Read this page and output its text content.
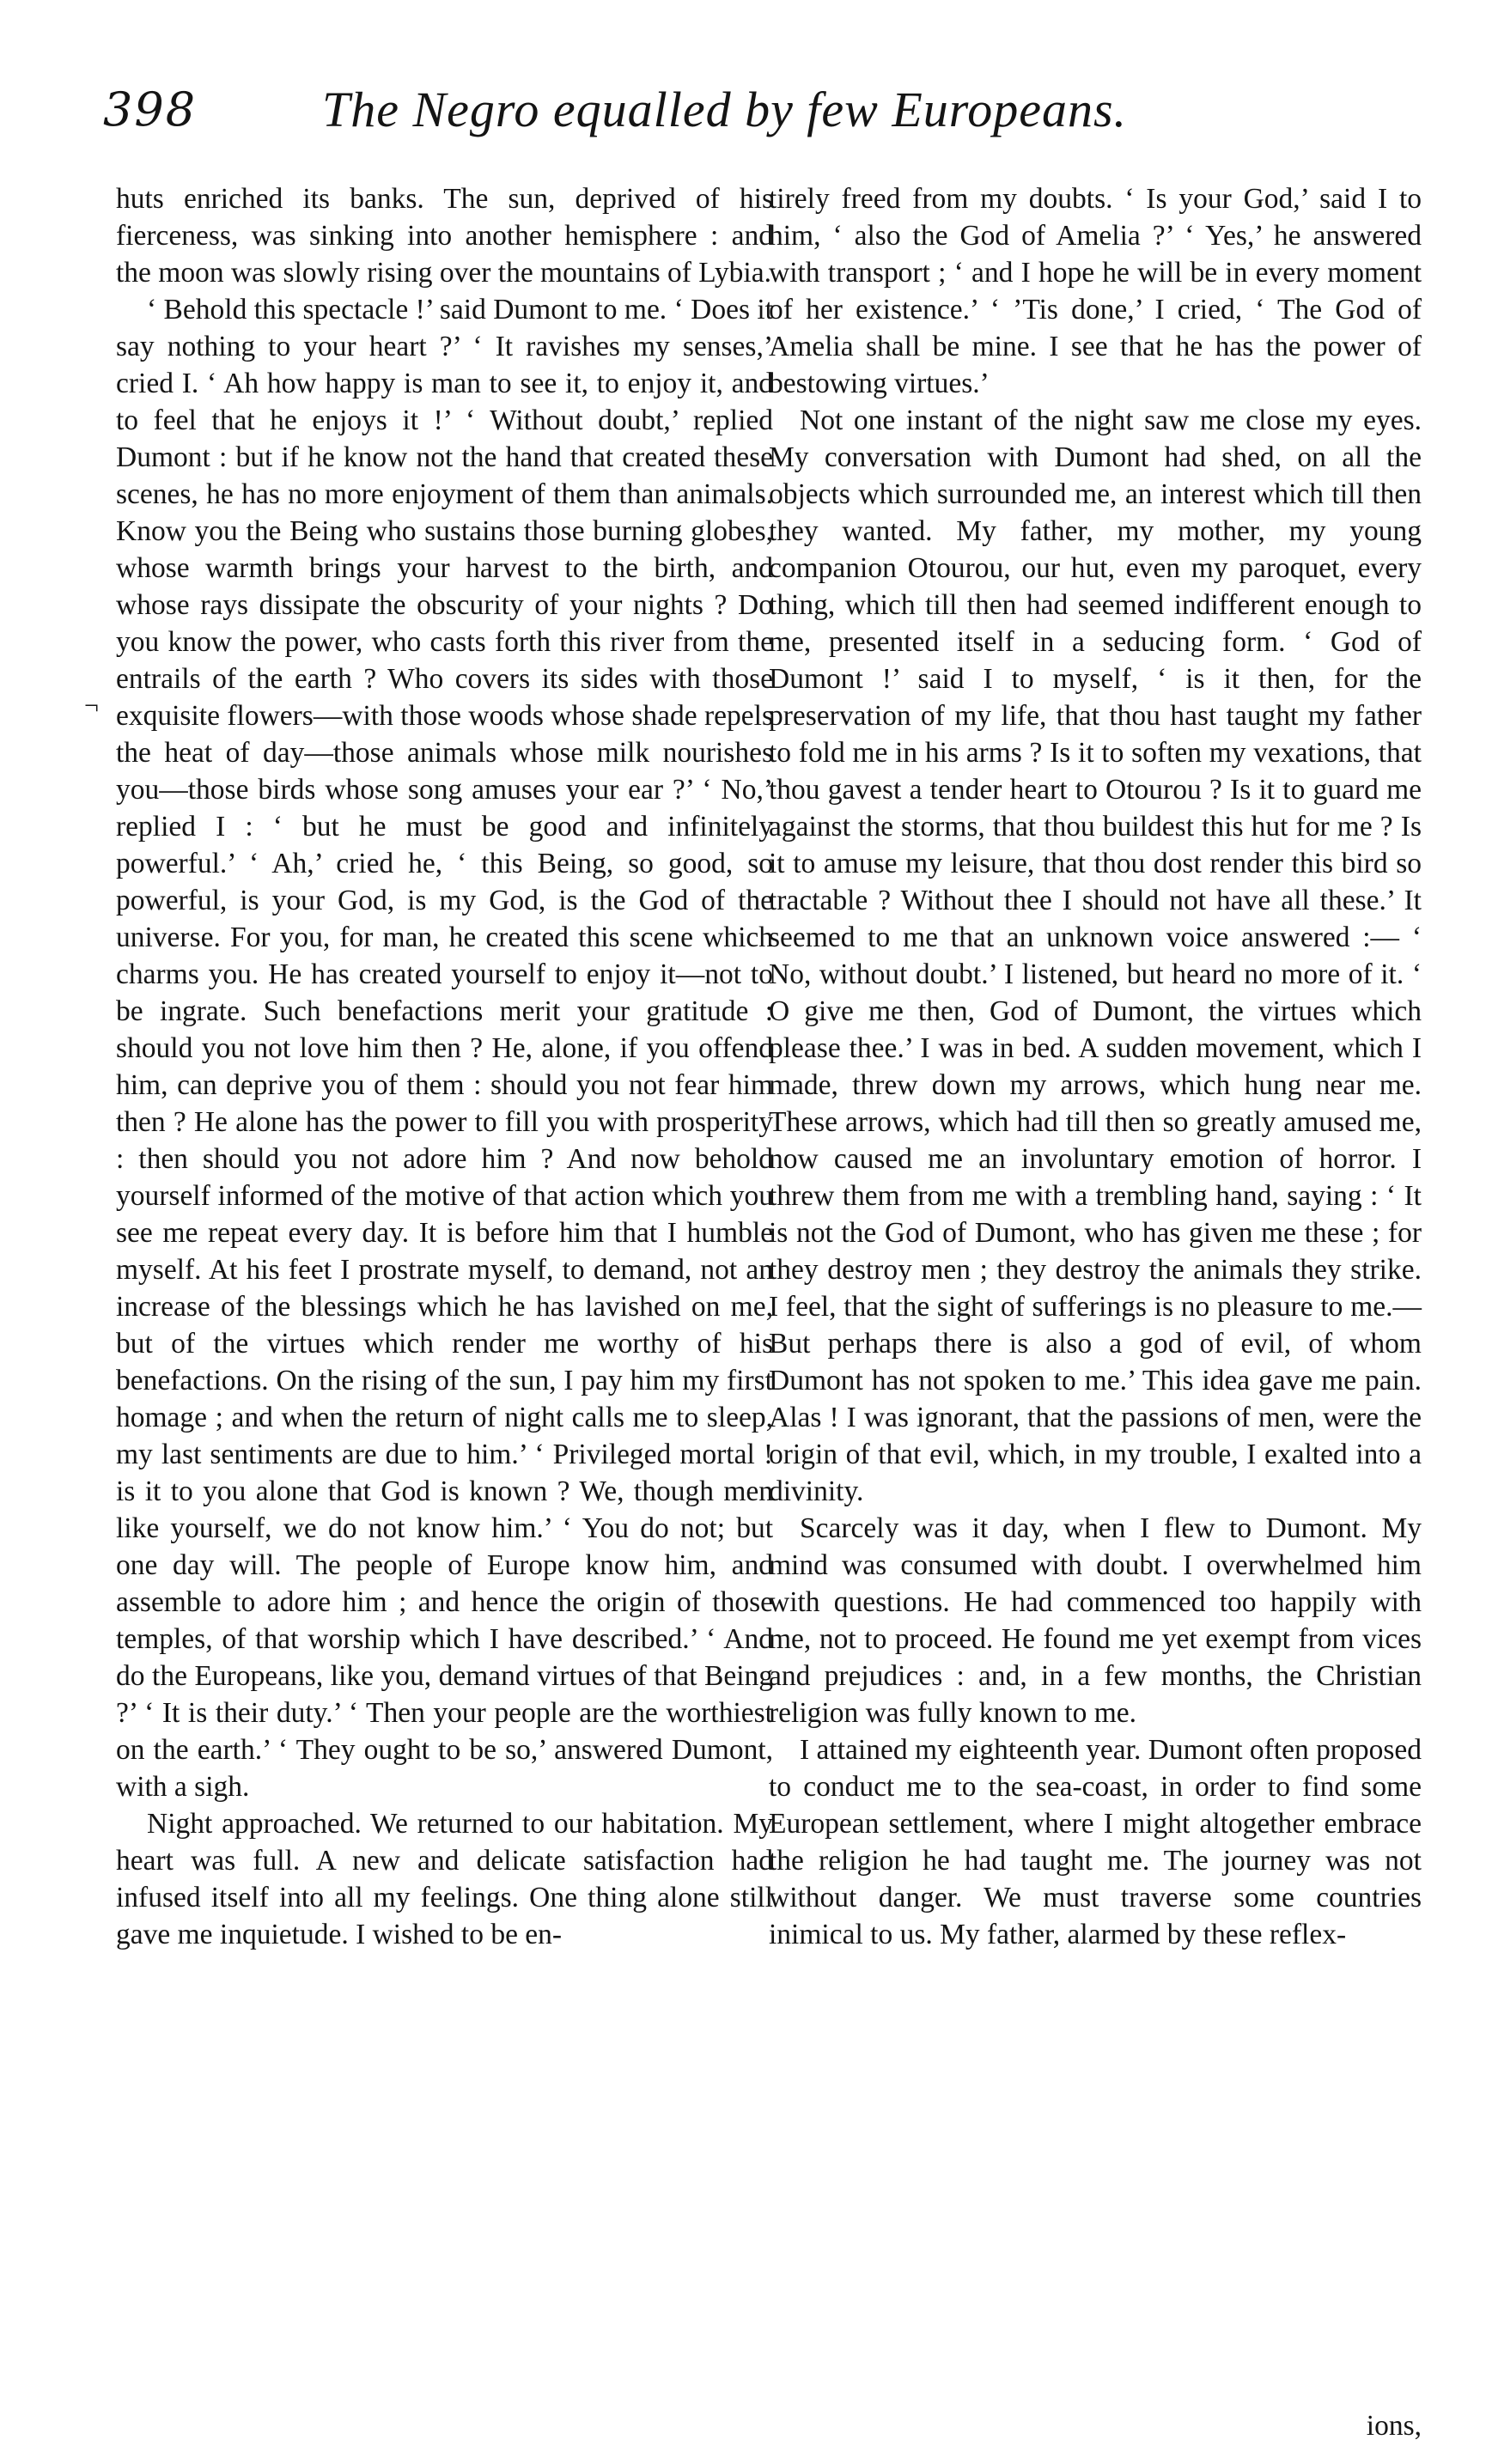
398	The Negro equalled by few Europeans.
¬

huts enriched its banks. The sun, deprived of his fierceness, was sinking into another hemisphere : and the moon was slowly rising over the mountains of Lybia.

‘ Behold this spectacle !’ said Dumont to me. ‘ Does it say nothing to your heart ?’ ‘ It ravishes my senses,’ cried I. ‘ Ah how happy is man to see it, to enjoy it, and to feel that he enjoys it !’ ‘ Without doubt,’ replied Dumont : but if he know not the hand that created these scenes, he has no more enjoyment of them than animals. Know you the Being who sustains those burning globes, whose warmth brings your harvest to the birth, and whose rays dissipate the obscurity of your nights ? Do you know the power, who casts forth this river from the entrails of the earth ? Who covers its sides with those exquisite flowers—with those woods whose shade repels the heat of day—those animals whose milk nourishes you—those birds whose song amuses your ear ?’ ‘ No,’ replied I : ‘ but he must be good and infinitely powerful.’ ‘ Ah,’ cried he, ‘ this Being, so good, so powerful, is your God, is my God, is the God of the universe. For you, for man, he created this scene which charms you. He has created yourself to enjoy it—not to be ingrate. Such benefactions merit your gratitude : should you not love him then ? He, alone, if you offend him, can deprive you of them : should you not fear him then ? He alone has the power to fill you with prosperity : then should you not adore him ? And now behold yourself informed of the motive of that action which you see me repeat every day. It is before him that I humble myself. At his feet I prostrate myself, to demand, not an increase of the blessings which he has lavished on me, but of the virtues which render me worthy of his benefactions. On the rising of the sun, I pay him my first homage ; and when the return of night calls me to sleep, my last sentiments are due to him.’ ‘ Privileged mortal ! is it to you alone that God is known ? We, though men like yourself, we do not know him.’ ‘ You do not; but one day will. The people of Europe know him, and assemble to adore him ; and hence the origin of those temples, of that worship which I have described.’ ‘ And do the Europeans, like you, demand virtues of that Being ?’ ‘ It is their duty.’ ‘ Then your people are the worthiest on the earth.’ ‘ They ought to be so,’ answered Dumont, with a sigh.

Night approached. We returned to our habitation. My heart was full. A new and delicate satisfaction had infused itself into all my feelings. One thing alone still gave me inquietude. I wished to be en-

tirely freed from my doubts. ‘ Is your God,’ said I to him, ‘ also the God of Amelia ?’ ‘ Yes,’ he answered with transport ; ‘ and I hope he will be in every moment of her existence.’ ‘ ’Tis done,’ I cried, ‘ The God of Amelia shall be mine. I see that he has the power of bestowing virtues.’

Not one instant of the night saw me close my eyes. My conversation with Dumont had shed, on all the objects which surrounded me, an interest which till then they wanted. My father, my mother, my young companion Otourou, our hut, even my paroquet, every thing, which till then had seemed indifferent enough to me, presented itself in a seducing form. ‘ God of Dumont !’ said I to myself, ‘ is it then, for the preservation of my life, that thou hast taught my father to fold me in his arms ? Is it to soften my vexations, that thou gavest a tender heart to Otourou ? Is it to guard me against the storms, that thou buildest this hut for me ? Is it to amuse my leisure, that thou dost render this bird so tractable ? Without thee I should not have all these.’ It seemed to me that an unknown voice answered :— ‘ No, without doubt.’ I listened, but heard no more of it. ‘ O give me then, God of Dumont, the virtues which please thee.’ I was in bed. A sudden movement, which I made, threw down my arrows, which hung near me. These arrows, which had till then so greatly amused me, now caused me an involuntary emotion of horror. I threw them from me with a trembling hand, saying : ‘ It is not the God of Dumont, who has given me these ; for they destroy men ; they destroy the animals they strike. I feel, that the sight of sufferings is no pleasure to me.— But perhaps there is also a god of evil, of whom Dumont has not spoken to me.’ This idea gave me pain. Alas ! I was ignorant, that the passions of men, were the origin of that evil, which, in my trouble, I exalted into a divinity.

Scarcely was it day, when I flew to Dumont. My mind was consumed with doubt. I overwhelmed him with questions. He had commenced too happily with me, not to proceed. He found me yet exempt from vices and prejudices : and, in a few months, the Christian religion was fully known to me.

I attained my eighteenth year. Dumont often proposed to conduct me to the sea-coast, in order to find some European settlement, where I might altogether embrace the religion he had taught me. The journey was not without danger. We must traverse some countries inimical to us. My father, alarmed by these reflex-

ions,
